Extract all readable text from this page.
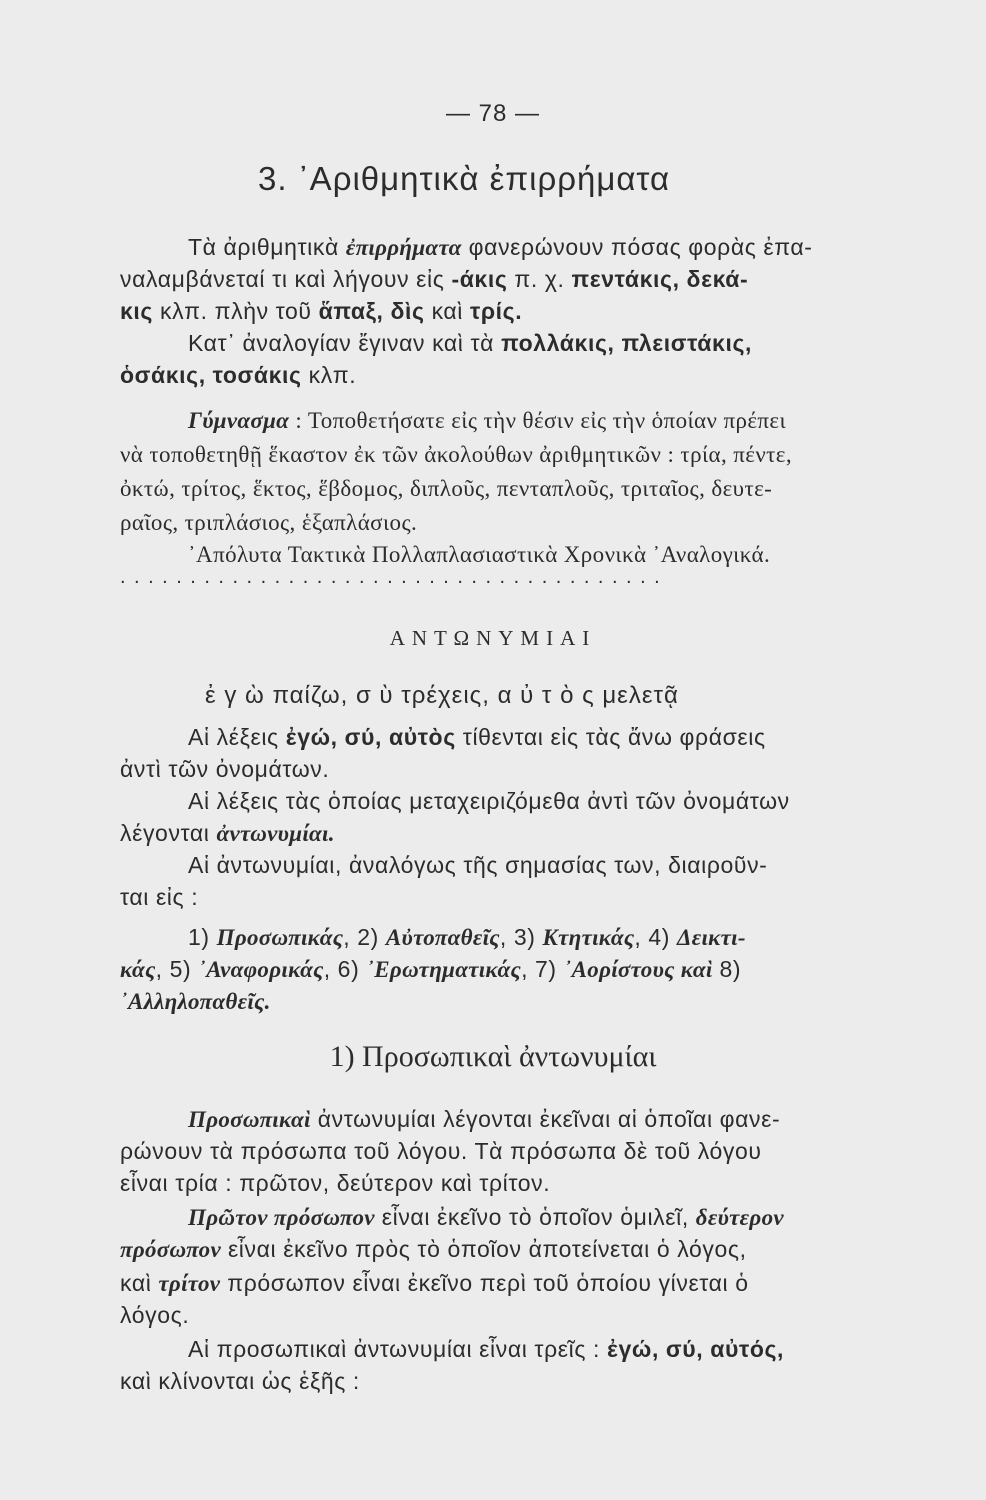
— 78 —
3. ᾿Αριθμητικὰ ἐπιρρήματα
Τὰ ἀριθμητικὰ ἐπιρρήματα φανερώνουν πόσας φορὰς ἐπα-
ναλαμβάνεταί τι καὶ λήγουν εἰς -άκις π. χ. πεντάκις, δεκά-
κις κλπ. πλὴν τοῦ ἅπαξ, δὶς καὶ τρίς.
Κατ᾿ ἀναλογίαν ἔγιναν καὶ τὰ πολλάκις, πλειστάκις,
ὁσάκις, τοσάκις κλπ.
Γύμνασμα : Τοποθετήσατε εἰς τὴν θέσιν εἰς τὴν ὁποίαν πρέπει
νὰ τοποθετηθῇ ἕκαστον ἐκ τῶν ἀκολούθων ἀριθμητικῶν : τρία, πέντε,
ὀκτώ, τρίτος, ἕκτος, ἕβδομος, διπλοῦς, πενταπλοῦς, τριταῖος, δευτε-
ραῖος, τριπλάσιος, ἑξαπλάσιος.
᾿Απόλυτα Τακτικὰ Πολλαπλασιαστικὰ Χρονικὰ ᾿Αναλογικά.
.......................................
ΑΝΤΩΝΥΜΙΑΙ
ἐ γ ὼ παίζω, σ ὺ τρέχεις, α ὐ τ ὸ ς μελετᾷ
Αἱ λέξεις ἐγώ, σύ, αὐτὸς τίθενται εἰς τὰς ἄνω φράσεις
ἀντὶ τῶν ὀνομάτων.
Αἱ λέξεις τὰς ὁποίας μεταχειριζόμεθα ἀντὶ τῶν ὀνομάτων
λέγονται ἀντωνυμίαι.
Αἱ ἀντωνυμίαι, ἀναλόγως τῆς σημασίας των, διαιροῦν-
ται εἰς :
1) Προσωπικάς, 2) Αὐτοπαθεῖς, 3) Κτητικάς, 4) Δεικτι-
κάς, 5) ᾿Αναφορικάς, 6) ᾿Ερωτηματικάς, 7) ᾿Αορίστους καὶ 8)
᾿Αλληλοπαθεῖς.
1) Προσωπικαὶ ἀντωνυμίαι
Προσωπικαὶ ἀντωνυμίαι λέγονται ἐκεῖναι αἱ ὁποῖαι φανε-
ρώνουν τὰ πρόσωπα τοῦ λόγου. Τὰ πρόσωπα δὲ τοῦ λόγου
εἶναι τρία : πρῶτον, δεύτερον καὶ τρίτον.
Πρῶτον πρόσωπον εἶναι ἐκεῖνο τὸ ὁποῖον ὁμιλεῖ, δεύτερον
πρόσωπον εἶναι ἐκεῖνο πρὸς τὸ ὁποῖον ἀποτείνεται ὁ λόγος,
καὶ τρίτον πρόσωπον εἶναι ἐκεῖνο περὶ τοῦ ὁποίου γίνεται ὁ
λόγος.
Αἱ προσωπικαὶ ἀντωνυμίαι εἶναι τρεῖς : ἐγώ, σύ, αὐτός,
καὶ κλίνονται ὡς ἑξῆς :
